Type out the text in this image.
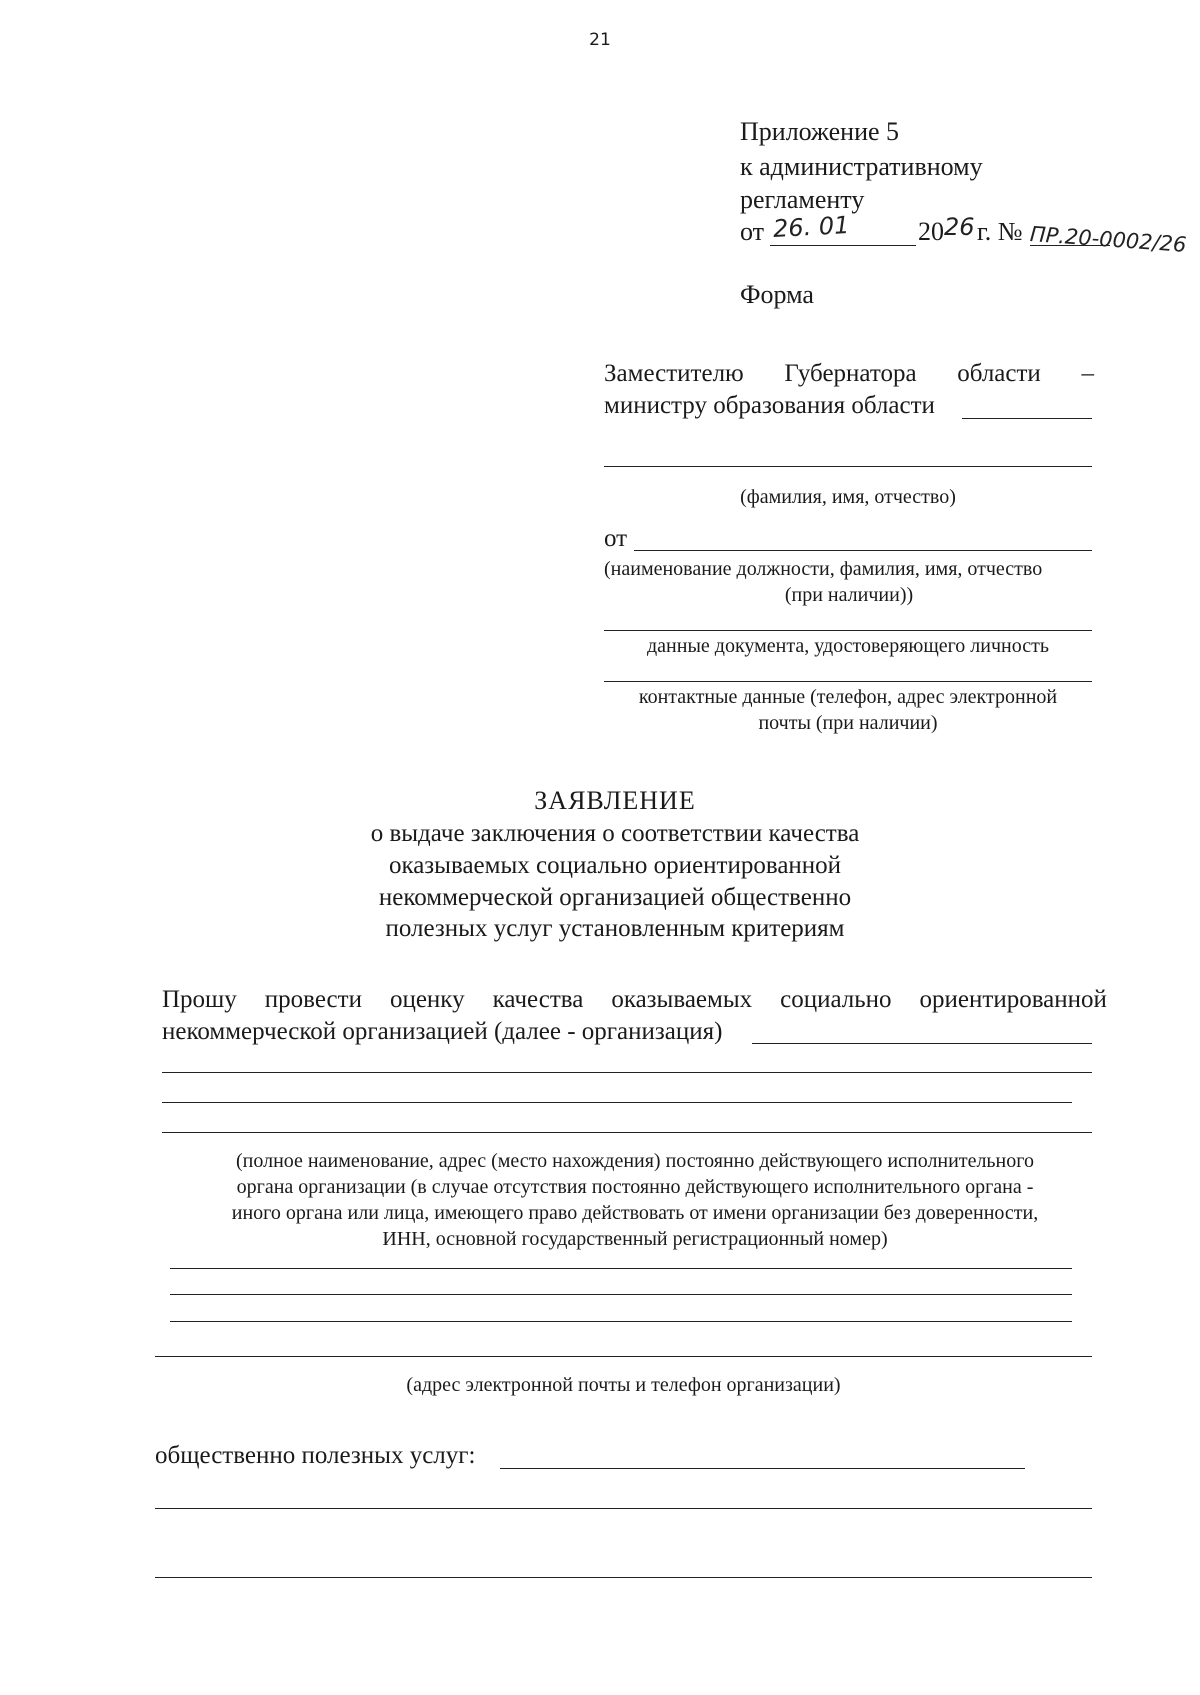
21
Приложение 5
к административному
регламенту
от 26. 01	20 26 г. № ПР.20-0002/26
Форма
Заместителю Губернатора области –
министру образования области
(фамилия, имя, отчество)
от
(наименование должности, фамилия, имя, отчество
(при наличии))
данные документа, удостоверяющего личность
контактные данные (телефон, адрес электронной
почты (при наличии)
ЗАЯВЛЕНИЕ
о выдаче заключения о соответствии качества
оказываемых социально ориентированной
некоммерческой организацией общественно
полезных услуг установленным критериям
Прошу провести оценку качества оказываемых социально ориентированной
некоммерческой организацией (далее - организация)
(полное наименование, адрес (место нахождения) постоянно действующего исполнительного
органа организации (в случае отсутствия постоянно действующего исполнительного органа -
иного органа или лица, имеющего право действовать от имени организации без доверенности,
ИНН, основной государственный регистрационный номер)
(адрес электронной почты и телефон организации)
общественно полезных услуг:
